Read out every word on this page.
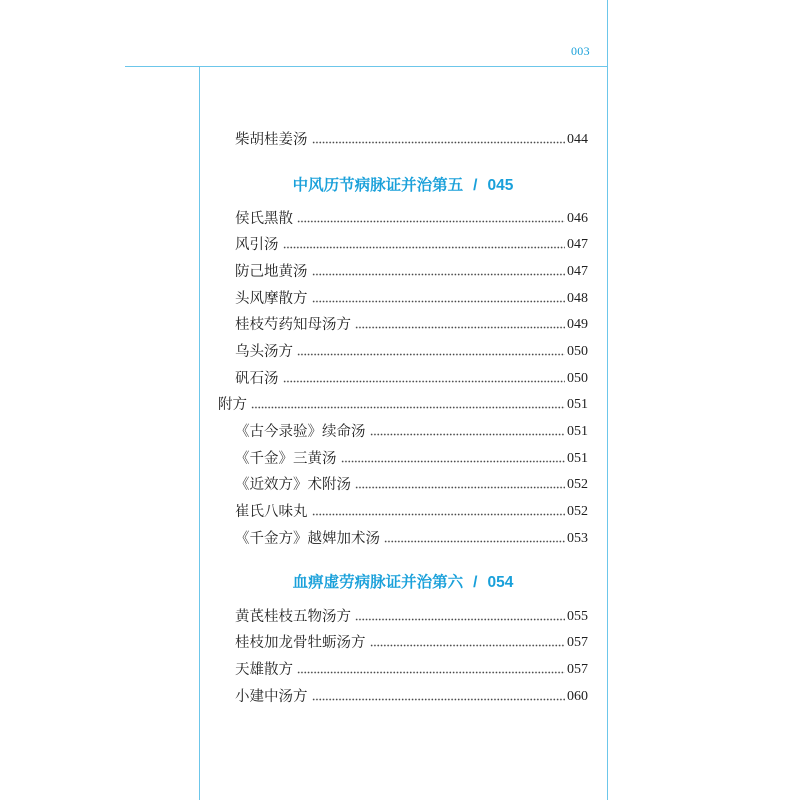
003
柴胡桂姜汤	044
中风历节病脉证并治第五 / 045
侯氏黑散	046
风引汤	047
防己地黄汤	047
头风摩散方	048
桂枝芍药知母汤方	049
乌头汤方	050
矾石汤	050
附方	051
《古今录验》续命汤	051
《千金》三黄汤	051
《近效方》术附汤	052
崔氏八味丸	052
《千金方》越婢加术汤	053
血痹虚劳病脉证并治第六 / 054
黄芪桂枝五物汤方	055
桂枝加龙骨牡蛎汤方	057
天雄散方	057
小建中汤方	060
